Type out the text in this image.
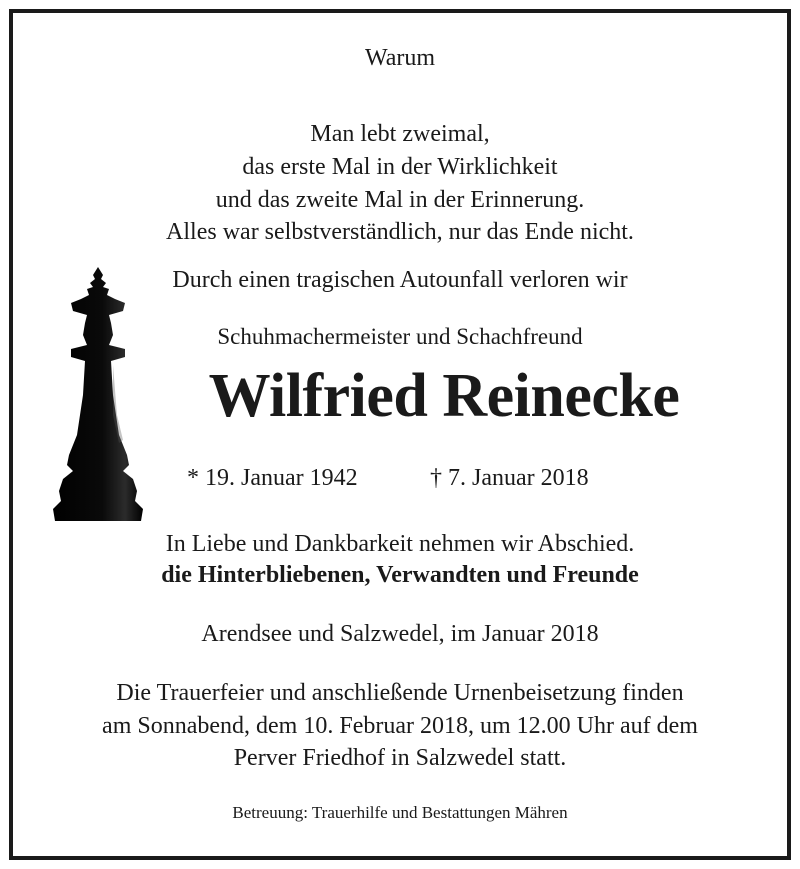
Warum
Man lebt zweimal,
das erste Mal in der Wirklichkeit
und das zweite Mal in der Erinnerung.
Alles war selbstverständlich, nur das Ende nicht.
Durch einen tragischen Autounfall verloren wir
Schuhmachermeister und Schachfreund
Wilfried Reinecke
* 19. Januar 1942	† 7. Januar 2018
In Liebe und Dankbarkeit nehmen wir Abschied.
die Hinterbliebenen, Verwandten und Freunde
Arendsee und Salzwedel, im Januar 2018
Die Trauerfeier und anschließende Urnenbeisetzung finden
am Sonnabend, dem 10. Februar 2018, um 12.00 Uhr auf dem
Perver Friedhof in Salzwedel statt.
Betreuung: Trauerhilfe und Bestattungen Mähren
